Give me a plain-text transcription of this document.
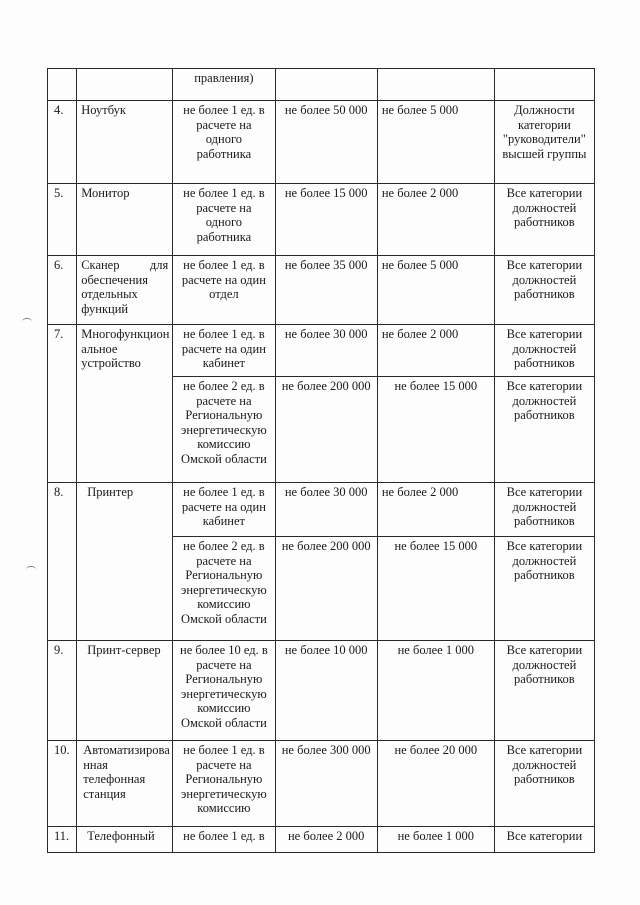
		правления)			
4.	Ноутбук	не более 1 ед. в расчете на одного работника	не более 50 000	не более 5 000	Должности категории "руководители" высшей группы
5.	Монитор	не более 1 ед. в расчете на одного работника	не более 15 000	не более 2 000	Все категории должностей работников
6.	Сканер для обеспечения отдельных функций	не более 1 ед. в расчете на один отдел	не более 35 000	не более 5 000	Все категории должностей работников
7.	Многофункцион альное устройство	не более 1 ед. в расчете на один кабинет	не более 30 000	не более 2 000	Все категории должностей работников
		не более 2 ед. в расчете на Региональную энергетическую комиссию Омской области	не более 200 000	не более 15 000	Все категории должностей работников
8.	Принтер	не более 1 ед. в расчете на один кабинет	не более 30 000	не более 2 000	Все категории должностей работников
		не более 2 ед. в расчете на Региональную энергетическую комиссию Омской области	не более 200 000	не более 15 000	Все категории должностей работников
9.	Принт-сервер	не более 10 ед. в расчете на Региональную энергетическую комиссию Омской области	не более 10 000	не более 1 000	Все категории должностей работников
10.	Автоматизирова нная телефонная станция	не более 1 ед. в расчете на Региональную энергетическую комиссию	не более 300 000	не более 20 000	Все категории должностей работников
11.	Телефонный	не более 1 ед. в	не более 2 000	не более 1 000	Все категории
